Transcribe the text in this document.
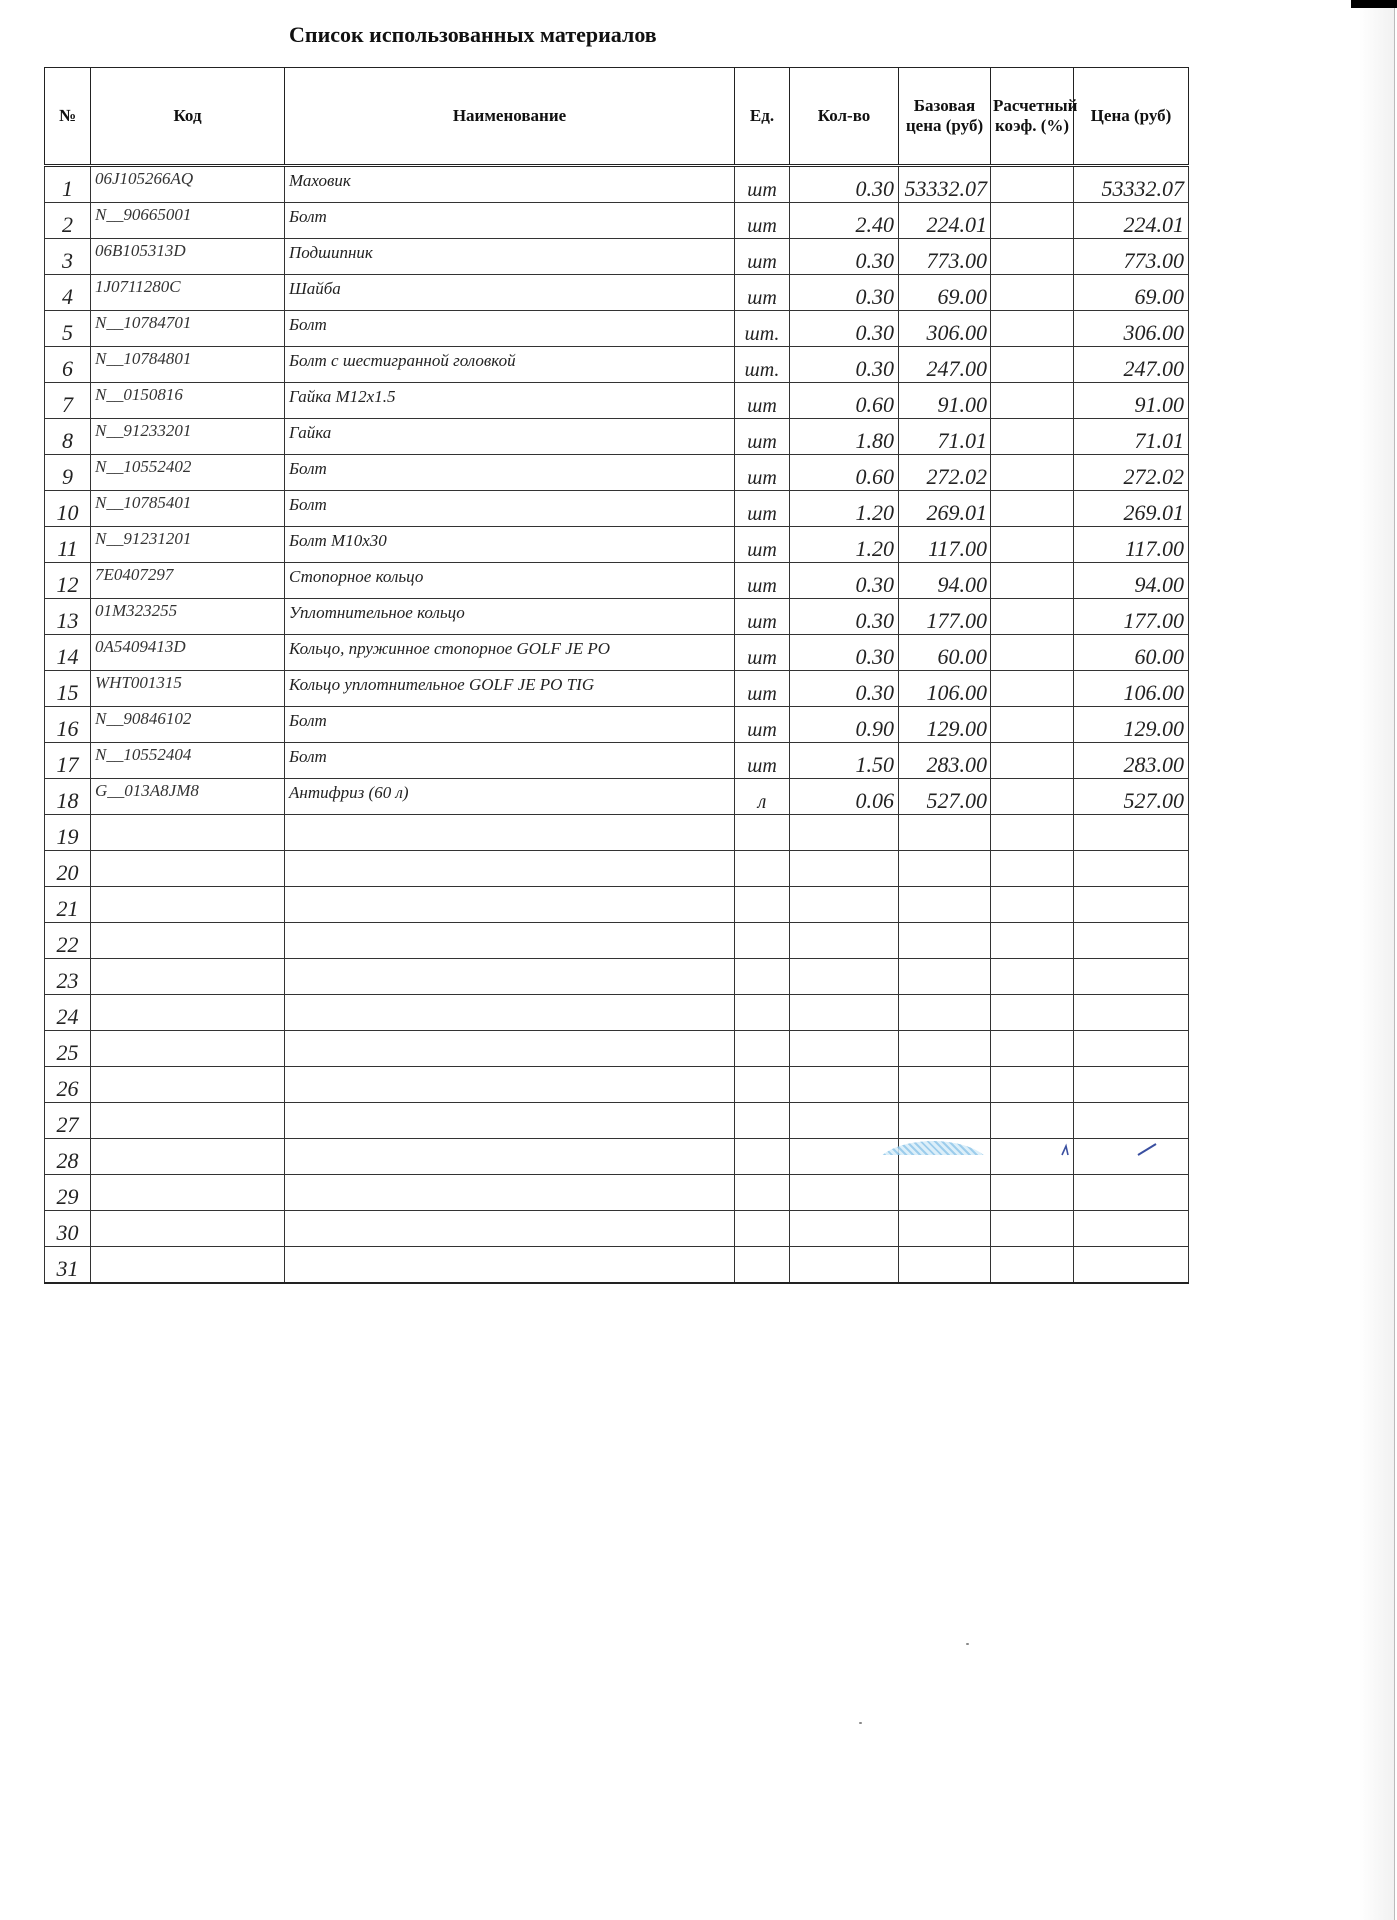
Список использованных материалов
№	Код	Наименование	Ед.	Кол-во	Базовая цена (руб)	Расчетный коэф. (%)	Цена (руб)
1	06J105266AQ	Маховик	шт	0.30	53332.07		53332.07
2	N__90665001	Болт	шт	2.40	224.01		224.01
3	06B105313D	Подшипник	шт	0.30	773.00		773.00
4	1J0711280C	Шайба	шт	0.30	69.00		69.00
5	N__10784701	Болт	шт.	0.30	306.00		306.00
6	N__10784801	Болт с шестигранной головкой	шт.	0.30	247.00		247.00
7	N__0150816	Гайка М12х1.5	шт	0.60	91.00		91.00
8	N__91233201	Гайка	шт	1.80	71.01		71.01
9	N__10552402	Болт	шт	0.60	272.02		272.02
10	N__10785401	Болт	шт	1.20	269.01		269.01
11	N__91231201	Болт М10х30	шт	1.20	117.00		117.00
12	7E0407297	Стопорное кольцо	шт	0.30	94.00		94.00
13	01M323255	Уплотнительное кольцо	шт	0.30	177.00		177.00
14	0A5409413D	Кольцо, пружинное стопорное GOLF JE PO	шт	0.30	60.00		60.00
15	WHT001315	Кольцо уплотнительное GOLF JE PO TIG	шт	0.30	106.00		106.00
16	N__90846102	Болт	шт	0.90	129.00		129.00
17	N__10552404	Болт	шт	1.50	283.00		283.00
18	G__013A8JM8	Антифриз (60 л)	л	0.06	527.00		527.00
19							
20							
21							
22							
23							
24							
25							
26							
27							
28							
29							
30							
31							
